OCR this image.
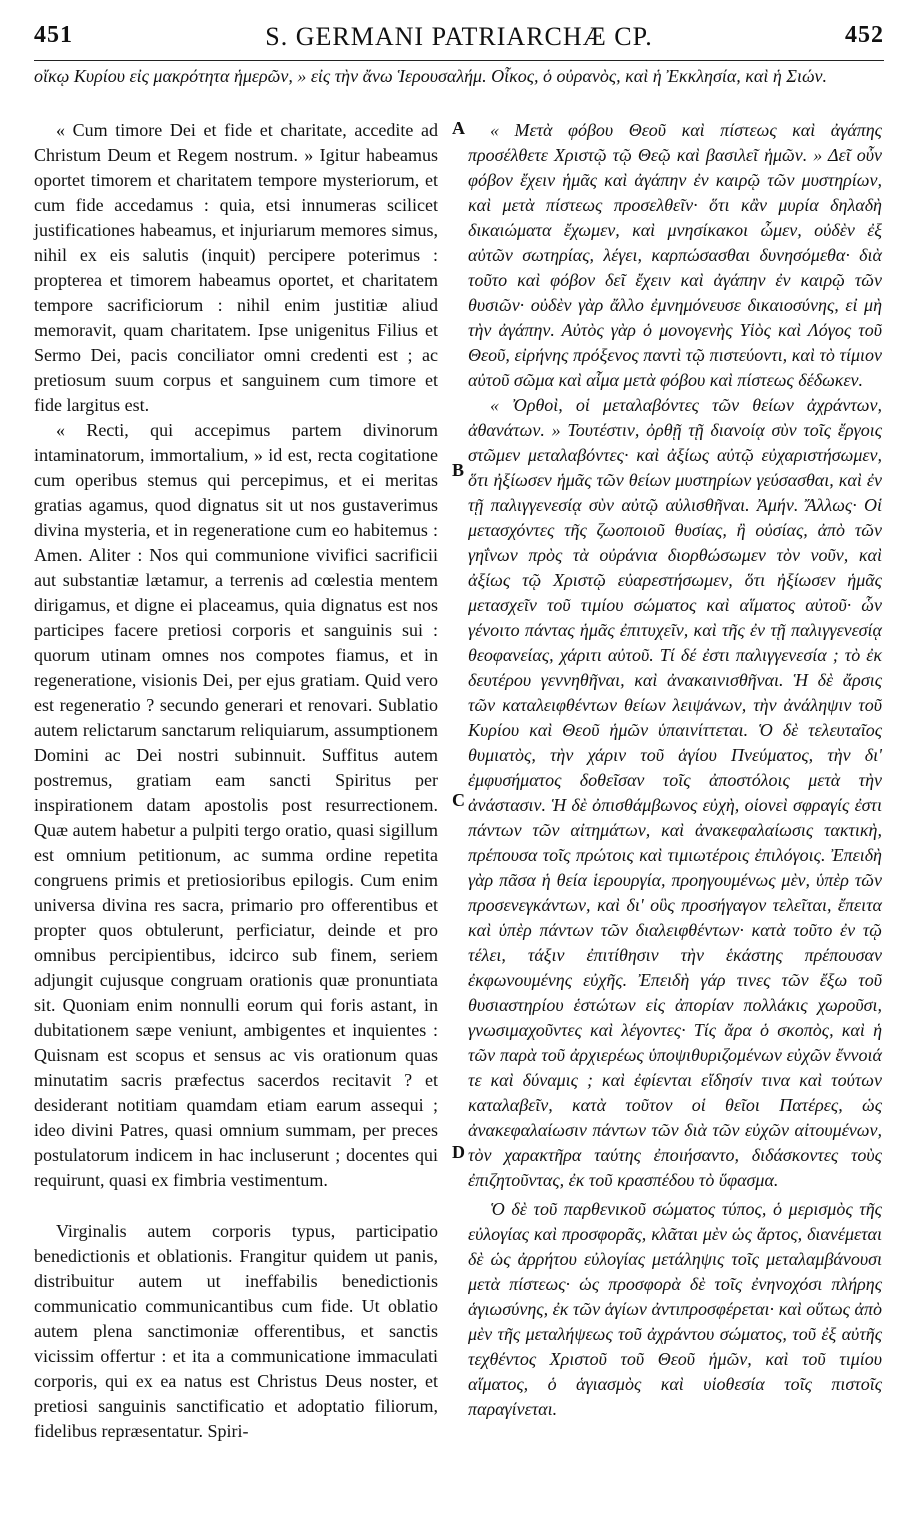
451	S. GERMANI PATRIARCHÆ CP.	452
οἴκῳ Κυρίου εἰς μακρότητα ἡμερῶν, » εἰς τὴν ἄνω Ἱερουσαλήμ. Οἶκος, ὁ οὐρανὸς, καὶ ἡ Ἐκκλησία, καὶ ἡ Σιών.

« Cum timore Dei et fide et charitate, accedite ad Christum Deum et Regem nostrum. » Igitur habeamus oportet timorem et charitatem tempore mysteriorum, et cum fide accedamus : quia, etsi innumeras scilicet justificationes habeamus, et injuriarum memores simus, nihil ex eis salutis (inquit) percipere poterimus : propterea et timorem habeamus oportet, et charitatem tempore sacrificiorum : nihil enim justitiæ aliud memoravit, quam charitatem. Ipse unigenitus Filius et Sermo Dei, pacis conciliator omni credenti est ; ac pretiosum suum corpus et sanguinem cum timore et fide largitus est.

« Recti, qui accepimus partem divinorum intaminatorum, immortalium, » id est, recta cogitatione cum operibus stemus qui percepimus, et ei meritas gratias agamus, quod dignatus sit ut nos gustaverimus divina mysteria, et in regeneratione cum eo habitemus : Amen. Aliter : Nos qui communione vivifici sacrificii aut substantiæ lætamur, a terrenis ad cœlestia mentem dirigamus, et digne ei placeamus, quia dignatus est nos participes facere pretiosi corporis et sanguinis sui : quorum utinam omnes nos compotes fiamus, et in regeneratione, visionis Dei, per ejus gratiam. Quid vero est regeneratio ? secundo generari et renovari. Sublatio autem relictarum sanctarum reliquiarum, assumptionem Domini ac Dei nostri subinnuit. Suffitus autem postremus, gratiam eam sancti Spiritus per inspirationem datam apostolis post resurrectionem. Quæ autem habetur a pulpiti tergo oratio, quasi sigillum est omnium petitionum, ac summa ordine repetita congruens primis et pretiosioribus epilogis. Cum enim universa divina res sacra, primario pro offerentibus et propter quos obtulerunt, perficiatur, deinde et pro omnibus percipientibus, idcirco sub finem, seriem adjungit cujusque congruam orationis quæ pronuntiata sit. Quoniam enim nonnulli eorum qui foris astant, in dubitationem sæpe veniunt, ambigentes et inquientes : Quisnam est scopus et sensus ac vis orationum quas minutatim sacris præfectus sacerdos recitavit ? et desiderant notitiam quamdam etiam earum assequi ; ideo divini Patres, quasi omnium summam, per preces postulatorum indicem in hac incluserunt ; docentes qui requirunt, quasi ex fimbria vestimentum.

Virginalis autem corporis typus, participatio benedictionis et oblationis. Frangitur quidem ut panis, distribuitur autem ut ineffabilis benedictionis communicatio communicantibus cum fide. Ut oblatio autem plena sanctimoniæ offerentibus, et sanctis vicissim offertur : et ita a communicatione immaculati corporis, qui ex ea natus est Christus Deus noster, et pretiosi sanguinis sanctificatio et adoptatio filiorum, fidelibus repræsentatur. Spiri-

A
B
C
D

« Μετὰ φόβου Θεοῦ καὶ πίστεως καὶ ἀγάπης προσέλθετε Χριστῷ τῷ Θεῷ καὶ βασιλεῖ ἡμῶν. » Δεῖ οὖν φόβον ἔχειν ἡμᾶς καὶ ἀγάπην ἐν καιρῷ τῶν μυστηρίων, καὶ μετὰ πίστεως προσελθεῖν· ὅτι κἂν μυρία δηλαδὴ δικαιώματα ἔχωμεν, καὶ μνησίκακοι ὦμεν, οὐδὲν ἐξ αὐτῶν σωτηρίας, λέγει, καρπώσασθαι δυνησόμεθα· διὰ τοῦτο καὶ φόβον δεῖ ἔχειν καὶ ἀγάπην ἐν καιρῷ τῶν θυσιῶν· οὐδὲν γὰρ ἄλλο ἐμνημόνευσε δικαιοσύνης, εἰ μὴ τὴν ἀγάπην. Αὐτὸς γὰρ ὁ μονογενὴς Υἱὸς καὶ Λόγος τοῦ Θεοῦ, εἰρήνης πρόξενος παντὶ τῷ πιστεύοντι, καὶ τὸ τίμιον αὐτοῦ σῶμα καὶ αἷμα μετὰ φόβου καὶ πίστεως δέδωκεν.

« Ὀρθοὶ, οἱ μεταλαβόντες τῶν θείων ἀχράντων, ἀθανάτων. » Τουτέστιν, ὀρθῇ τῇ διανοίᾳ σὺν τοῖς ἔργοις στῶμεν μεταλαβόντες· καὶ ἀξίως αὐτῷ εὐχαριστήσωμεν, ὅτι ἠξίωσεν ἡμᾶς τῶν θείων μυστηρίων γεύσασθαι, καὶ ἐν τῇ παλιγγενεσίᾳ σὺν αὐτῷ αὐλισθῆναι. Ἀμήν. Ἄλλως· Οἱ μετασχόντες τῆς ζωοποιοῦ θυσίας, ἢ οὐσίας, ἀπὸ τῶν γηΐνων πρὸς τὰ οὐράνια διορθώσωμεν τὸν νοῦν, καὶ ἀξίως τῷ Χριστῷ εὐαρεστήσωμεν, ὅτι ἠξίωσεν ἡμᾶς μετασχεῖν τοῦ τιμίου σώματος καὶ αἵματος αὐτοῦ· ὧν γένοιτο πάντας ἡμᾶς ἐπιτυχεῖν, καὶ τῆς ἐν τῇ παλιγγενεσίᾳ θεοφανείας, χάριτι αὐτοῦ. Τί δέ ἐστι παλιγγενεσία ; τὸ ἐκ δευτέρου γεννηθῆναι, καὶ ἀνακαινισθῆναι. Ἡ δὲ ἄρσις τῶν καταλειφθέντων θείων λειψάνων, τὴν ἀνάληψιν τοῦ Κυρίου καὶ Θεοῦ ἡμῶν ὑπαινίττεται. Ὁ δὲ τελευταῖος θυμιατὸς, τὴν χάριν τοῦ ἁγίου Πνεύματος, τὴν δι' ἐμφυσήματος δοθεῖσαν τοῖς ἀποστόλοις μετὰ τὴν ἀνάστασιν. Ἡ δὲ ὀπισθάμβωνος εὐχὴ, οἱονεὶ σφραγίς ἐστι πάντων τῶν αἰτημάτων, καὶ ἀνακεφαλαίωσις τακτικὴ, πρέπουσα τοῖς πρώτοις καὶ τιμιωτέροις ἐπιλόγοις. Ἐπειδὴ γὰρ πᾶσα ἡ θεία ἱερουργία, προηγουμένως μὲν, ὑπὲρ τῶν προσενεγκάντων, καὶ δι' οὓς προσήγαγον τελεῖται, ἔπειτα καὶ ὑπὲρ πάντων τῶν διαλειφθέντων· κατὰ τοῦτο ἐν τῷ τέλει, τάξιν ἐπιτίθησιν τὴν ἑκάστης πρέπουσαν ἐκφωνουμένης εὐχῆς. Ἐπειδὴ γάρ τινες τῶν ἔξω τοῦ θυσιαστηρίου ἑστώτων εἰς ἀπορίαν πολλάκις χωροῦσι, γνωσιμαχοῦντες καὶ λέγοντες· Τίς ἄρα ὁ σκοπὸς, καὶ ἡ τῶν παρὰ τοῦ ἀρχιερέως ὑποψιθυριζομένων εὐχῶν ἔννοιά τε καὶ δύναμις ; καὶ ἐφίενται εἴδησίν τινα καὶ τούτων καταλαβεῖν, κατὰ τοῦτον οἱ θεῖοι Πατέρες, ὡς ἀνακεφαλαίωσιν πάντων τῶν διὰ τῶν εὐχῶν αἰτουμένων, τὸν χαρακτῆρα ταύτης ἐποιήσαντο, διδάσκοντες τοὺς ἐπιζητοῦντας, ἐκ τοῦ κρασπέδου τὸ ὕφασμα.

Ὁ δὲ τοῦ παρθενικοῦ σώματος τύπος, ὁ μερισμὸς τῆς εὐλογίας καὶ προσφορᾶς, κλᾶται μὲν ὡς ἄρτος, διανέμεται δὲ ὡς ἀρρήτου εὐλογίας μετάληψις τοῖς μεταλαμβάνουσι μετὰ πίστεως· ὡς προσφορὰ δὲ τοῖς ἐνηνοχόσι πλήρης ἁγιωσύνης, ἐκ τῶν ἁγίων ἀντιπροσφέρεται· καὶ οὕτως ἀπὸ μὲν τῆς μεταλήψεως τοῦ ἀχράντου σώματος, τοῦ ἐξ αὐτῆς τεχθέντος Χριστοῦ τοῦ Θεοῦ ἡμῶν, καὶ τοῦ τιμίου αἵματος, ὁ ἁγιασμὸς καὶ υἱοθεσία τοῖς πιστοῖς παραγίνεται.
